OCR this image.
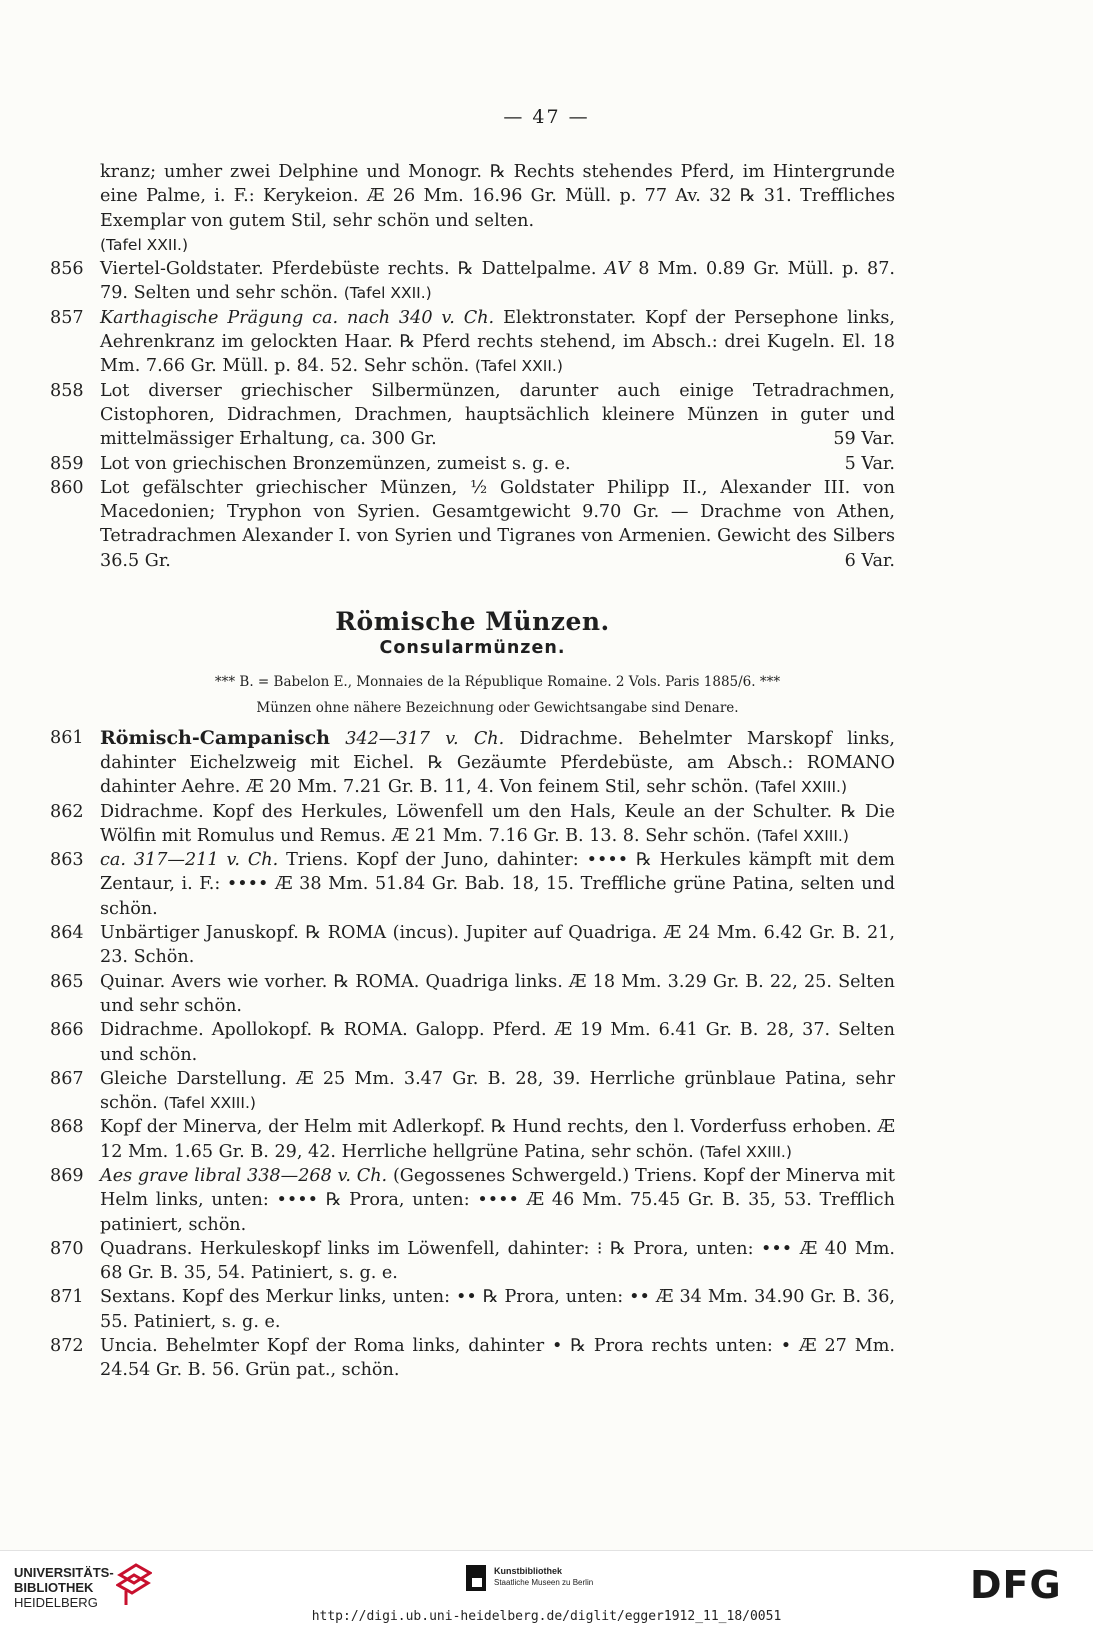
— 47 —
kranz; umher zwei Delphine und Monogr. ℞ Rechts stehendes Pferd, im Hintergrunde eine Palme, i. F.: Kerykeion. Æ 26 Mm. 16.96 Gr. Müll. p. 77 Av. 32 ℞ 31. Treffliches Exemplar von gutem Stil, sehr schön und selten.
(Tafel XXII.)
856 Viertel-Goldstater. Pferdebüste rechts. ℞ Dattelpalme. 𝐴𝑉 8 Mm. 0.89 Gr. Müll. p. 87. 79. Selten und sehr schön. (Tafel XXII.)
857 Karthagische Prägung ca. nach 340 v. Ch. Elektronstater. Kopf der Persephone links, Aehrenkranz im gelockten Haar. ℞ Pferd rechts stehend, im Absch.: drei Kugeln. El. 18 Mm. 7.66 Gr. Müll. p. 84. 52. Sehr schön. (Tafel XXII.)
858 Lot diverser griechischer Silbermünzen, darunter auch einige Tetradrachmen, Cistophoren, Didrachmen, Drachmen, hauptsächlich kleinere Münzen in guter und mittelmässiger Erhaltung, ca. 300 Gr.	59 Var.
859 Lot von griechischen Bronzemünzen, zumeist s. g. e.	5 Var.
860 Lot gefälschter griechischer Münzen, ½ Goldstater Philipp II., Alexander III. von Macedonien; Tryphon von Syrien. Gesamtgewicht 9.70 Gr. — Drachme von Athen, Tetradrachmen Alexander I. von Syrien und Tigranes von Armenien. Gewicht des Silbers 36.5 Gr.	6 Var.
Römische Münzen.
Consularmünzen.
*** B. = Babelon E., Monnaies de la République Romaine. 2 Vols. Paris 1885/6. ***
Münzen ohne nähere Bezeichnung oder Gewichtsangabe sind Denare.
861 Römisch-Campanisch 342—317 v. Ch. Didrachme. Behelmter Marskopf links, dahinter Eichelzweig mit Eichel. ℞ Gezäumte Pferdebüste, am Absch.: ROMANO dahinter Aehre. Æ 20 Mm. 7.21 Gr. B. 11, 4. Von feinem Stil, sehr schön. (Tafel XXIII.)
862 Didrachme. Kopf des Herkules, Löwenfell um den Hals, Keule an der Schulter. ℞ Die Wölfin mit Romulus und Remus. Æ 21 Mm. 7.16 Gr. B. 13. 8. Sehr schön. (Tafel XXIII.)
863 ca. 317—211 v. Ch. Triens. Kopf der Juno, dahinter: •••• ℞ Herkules kämpft mit dem Zentaur, i. F.: •••• Æ 38 Mm. 51.84 Gr. Bab. 18, 15. Treffliche grüne Patina, selten und schön.
864 Unbärtiger Januskopf. ℞ ROMA (incus). Jupiter auf Quadriga. Æ 24 Mm. 6.42 Gr. B. 21, 23. Schön.
865 Quinar. Avers wie vorher. ℞ ROMA. Quadriga links. Æ 18 Mm. 3.29 Gr. B. 22, 25. Selten und sehr schön.
866 Didrachme. Apollokopf. ℞ ROMA. Galopp. Pferd. Æ 19 Mm. 6.41 Gr. B. 28, 37. Selten und schön.
867 Gleiche Darstellung. Æ 25 Mm. 3.47 Gr. B. 28, 39. Herrliche grünblaue Patina, sehr schön. (Tafel XXIII.)
868 Kopf der Minerva, der Helm mit Adlerkopf. ℞ Hund rechts, den l. Vorderfuss erhoben. Æ 12 Mm. 1.65 Gr. B. 29, 42. Herrliche hellgrüne Patina, sehr schön. (Tafel XXIII.)
869 Aes grave libral 338—268 v. Ch. (Gegossenes Schwergeld.) Triens. Kopf der Minerva mit Helm links, unten: •••• ℞ Prora, unten: •••• Æ 46 Mm. 75.45 Gr. B. 35, 53. Trefflich patiniert, schön.
870 Quadrans. Herkuleskopf links im Löwenfell, dahinter: ⁝ ℞ Prora, unten: ••• Æ 40 Mm. 68 Gr. B. 35, 54. Patiniert, s. g. e.
871 Sextans. Kopf des Merkur links, unten: •• ℞ Prora, unten: •• Æ 34 Mm. 34.90 Gr. B. 36, 55. Patiniert, s. g. e.
872 Uncia. Behelmter Kopf der Roma links, dahinter • ℞ Prora rechts unten: • Æ 27 Mm. 24.54 Gr. B. 56. Grün pat., schön.
UNIVERSITÄTS-
BIBLIOTHEK
HEIDELBERG
Kunstbibliothek
Staatliche Museen zu Berlin	DFG
http://digi.ub.uni-heidelberg.de/diglit/egger1912_11_18/0051
